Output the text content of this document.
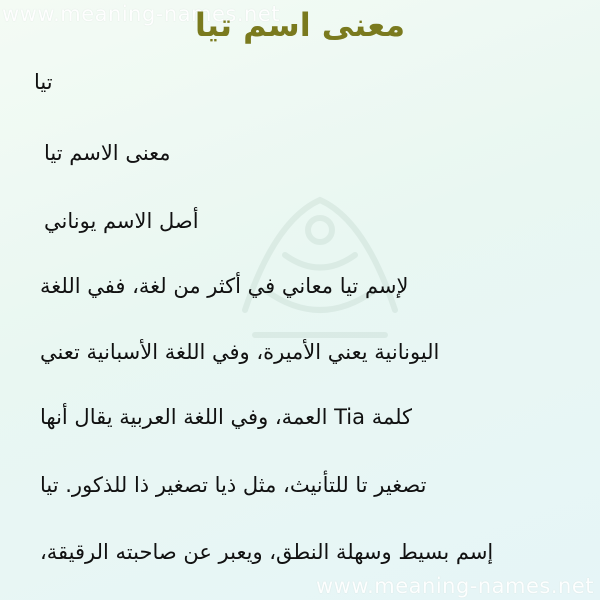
www.meaning-names.net
معنى اسم تيا
تيا
معنى الاسم تيا
أصل الاسم يوناني
لإسم تيا معاني في أكثر من لغة، ففي اللغة
اليونانية يعني الأميرة، وفي اللغة الأسبانية تعني
كلمة Tia العمة، وفي اللغة العربية يقال أنها
تصغير تا للتأنيث، مثل ذيا تصغير ذا للذكور. تيا
إسم بسيط وسهلة النطق، ويعبر عن صاحبته الرقيقة،
www.meaning-names.net
